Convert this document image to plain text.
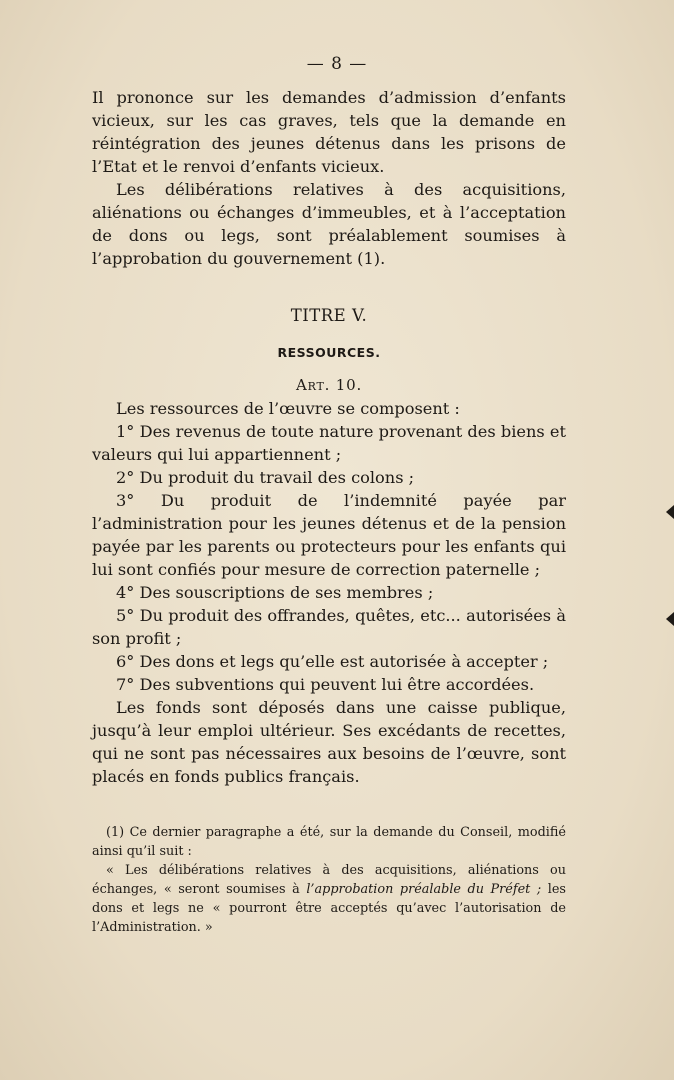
— 8 —

Il prononce sur les demandes d’admission d’enfants vicieux, sur les cas graves, tels que la demande en réintégration des jeunes détenus dans les prisons de l’Etat et le renvoi d’enfants vicieux.

Les délibérations relatives à des acquisitions, aliénations ou échanges d’immeubles, et à l’acceptation de dons ou legs, sont préalablement soumises à l’approbation du gouvernement (1).

TITRE V.

RESSOURCES.

Art. 10.

Les ressources de l’œuvre se composent :

1° Des revenus de toute nature provenant des biens et valeurs qui lui appartiennent ;

2° Du produit du travail des colons ;

3° Du produit de l’indemnité payée par l’administration pour les jeunes détenus et de la pension payée par les parents ou protecteurs pour les enfants qui lui sont confiés pour mesure de correction paternelle ;

4° Des souscriptions de ses membres ;

5° Du produit des offrandes, quêtes, etc... autorisées à son profit ;

6° Des dons et legs qu’elle est autorisée à accepter ;

7° Des subventions qui peuvent lui être accordées.

Les fonds sont déposés dans une caisse publique, jusqu’à leur emploi ultérieur. Ses excédants de recettes, qui ne sont pas nécessaires aux besoins de l’œuvre, sont placés en fonds publics français.

(1) Ce dernier paragraphe a été, sur la demande du Conseil, modifié ainsi qu’il suit :

« Les délibérations relatives à des acquisitions, aliénations ou échanges, « seront soumises à l’approbation préalable du Préfet ; les dons et legs ne « pourront être acceptés qu’avec l’autorisation de l’Administration. »
